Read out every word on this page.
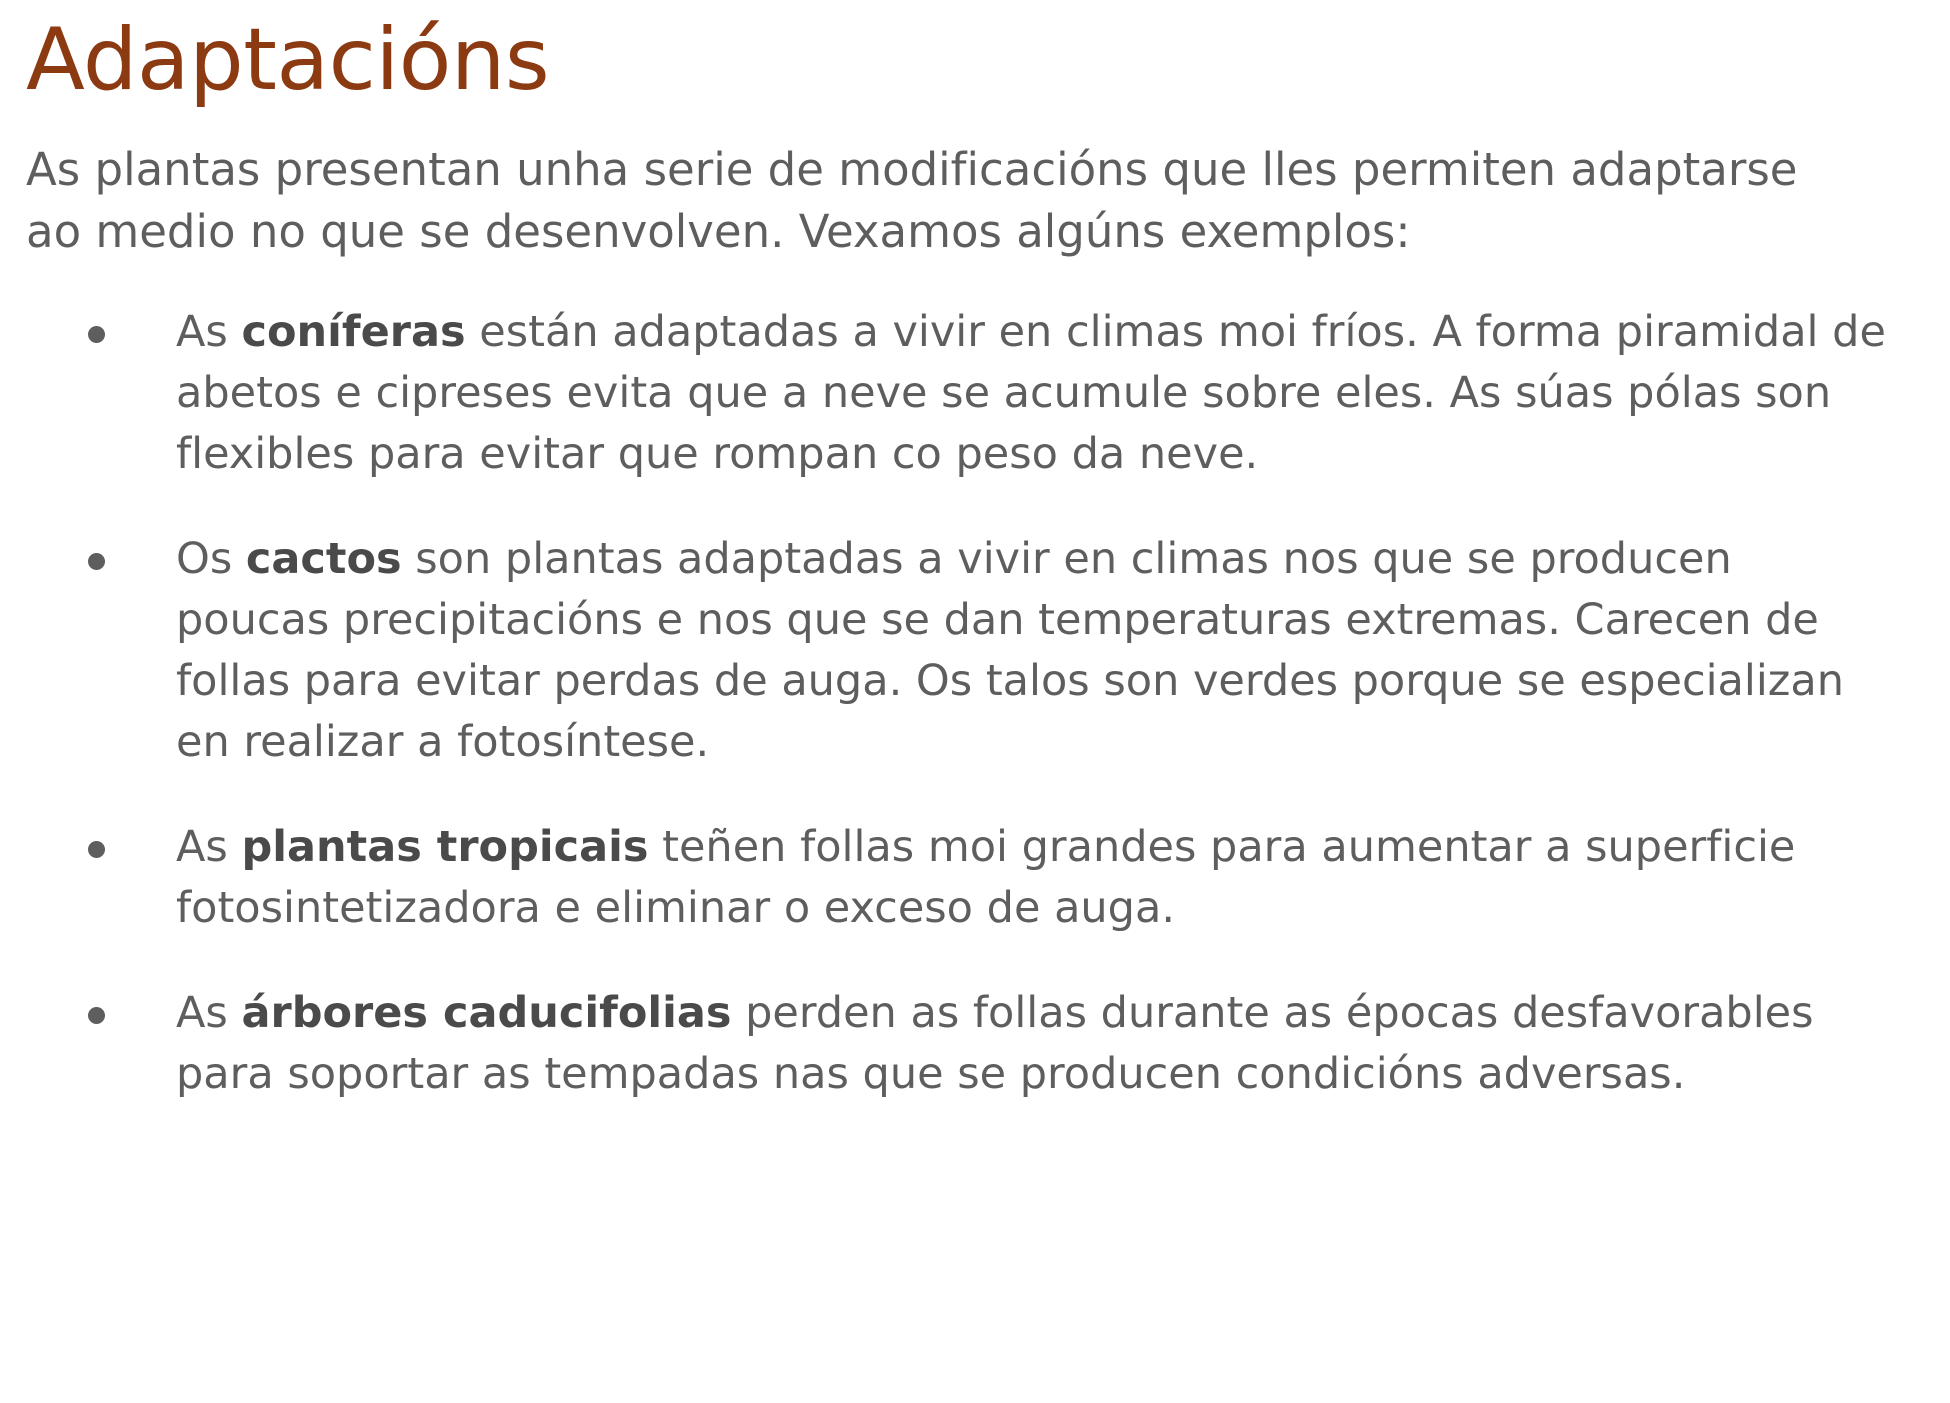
Adaptacións

As plantas presentan unha serie de modificacións que lles permiten adaptarse ao medio no que se desenvolven. Vexamos algúns exemplos:

As coníferas están adaptadas a vivir en climas moi fríos. A forma piramidal de abetos e cipreses evita que a neve se acumule sobre eles. As súas pólas son flexibles para evitar que rompan co peso da neve.
Os cactos son plantas adaptadas a vivir en climas nos que se producen poucas precipitacións e nos que se dan temperaturas extremas. Carecen de follas para evitar perdas de auga. Os talos son verdes porque se especializan en realizar a fotosíntese.
As plantas tropicais teñen follas moi grandes para aumentar a superficie fotosintetizadora e eliminar o exceso de auga.
As árbores caducifolias perden as follas durante as épocas desfavorables para soportar as tempadas nas que se producen condicións adversas.
